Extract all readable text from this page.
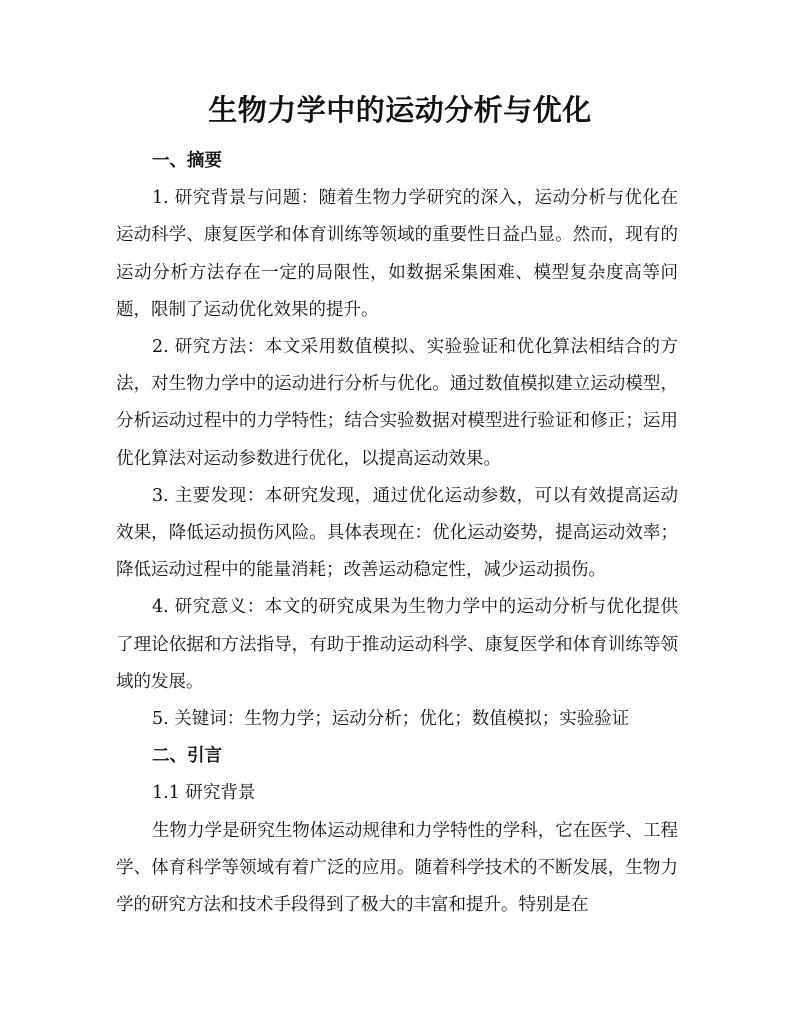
生物力学中的运动分析与优化
一、摘要

1. 研究背景与问题：随着生物力学研究的深入，运动分析与优化在运动科学、康复医学和体育训练等领域的重要性日益凸显。然而，现有的运动分析方法存在一定的局限性，如数据采集困难、模型复杂度高等问题，限制了运动优化效果的提升。

2. 研究方法：本文采用数值模拟、实验验证和优化算法相结合的方法，对生物力学中的运动进行分析与优化。通过数值模拟建立运动模型，分析运动过程中的力学特性；结合实验数据对模型进行验证和修正；运用优化算法对运动参数进行优化，以提高运动效果。

3. 主要发现：本研究发现，通过优化运动参数，可以有效提高运动效果，降低运动损伤风险。具体表现在：优化运动姿势，提高运动效率；降低运动过程中的能量消耗；改善运动稳定性，减少运动损伤。

4. 研究意义：本文的研究成果为生物力学中的运动分析与优化提供了理论依据和方法指导，有助于推动运动科学、康复医学和体育训练等领域的发展。

5. 关键词：生物力学；运动分析；优化；数值模拟；实验验证

二、引言

1.1 研究背景

生物力学是研究生物体运动规律和力学特性的学科，它在医学、工程学、体育科学等领域有着广泛的应用。随着科学技术的不断发展，生物力学的研究方法和技术手段得到了极大的丰富和提升。特别是在
